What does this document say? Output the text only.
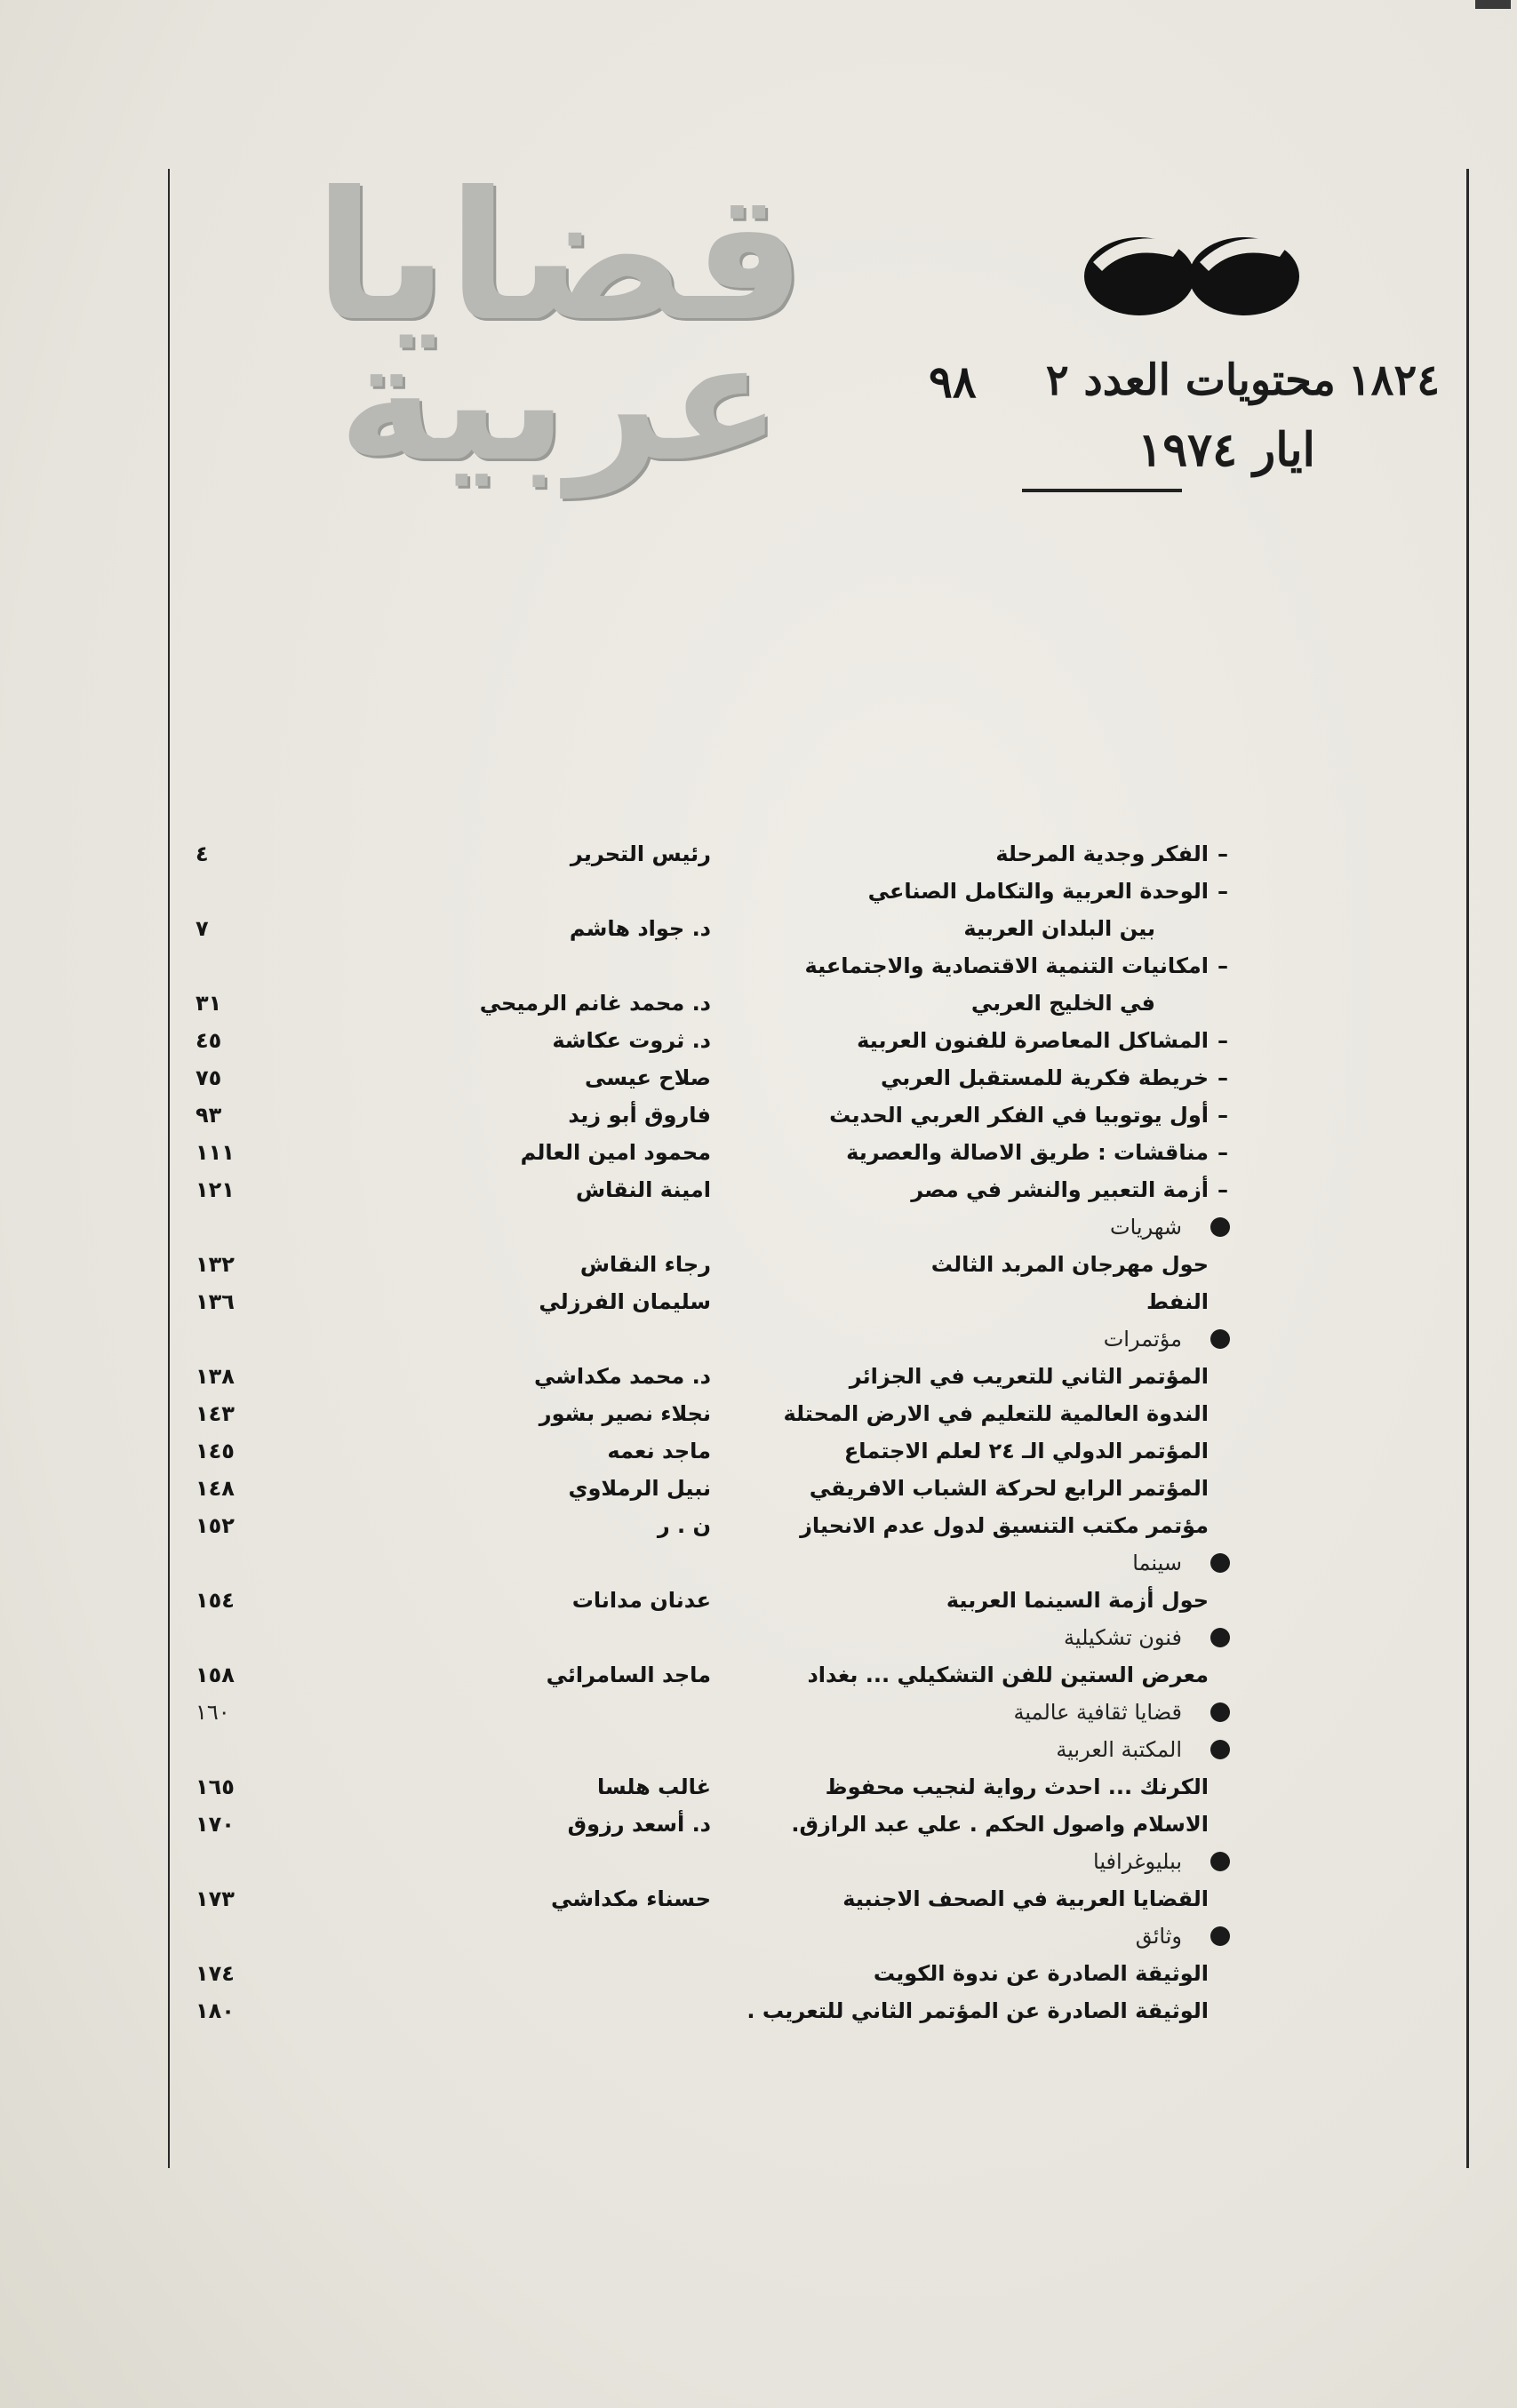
قضايا
عربية	٩٨	١٨٢٤محتويات العدد ٢
ايار ١٩٧٤
–
الفكر وجدية المرحلة
رئيس التحرير
٤
–
الوحدة العربية والتكامل الصناعي
بين البلدان العربية
د. جواد هاشم
٧
–
امكانيات التنمية الاقتصادية والاجتماعية
في الخليج العربي
د. محمد غانم الرميحي
٣١
–
المشاكل المعاصرة للفنون العربية
د. ثروت عكاشة
٤٥
–
خريطة فكرية للمستقبل العربي
صلاح عيسى
٧٥
–
أول يوتوبيا في الفكر العربي الحديث
فاروق أبو زيد
٩٣
–
مناقشات : طريق الاصالة والعصرية
محمود امين العالم
١١١
–
أزمة التعبير والنشر في مصر
امينة النقاش
١٢١
شهريات
حول مهرجان المربد الثالث
رجاء النقاش
١٣٢
النفط
سليمان الفرزلي
١٣٦
مؤتمرات
المؤتمر الثاني للتعريب في الجزائر
د. محمد مكداشي
١٣٨
الندوة العالمية للتعليم في الارض المحتلة
نجلاء نصير بشور
١٤٣
المؤتمر الدولي الـ ٢٤ لعلم الاجتماع
ماجد نعمه
١٤٥
المؤتمر الرابع لحركة الشباب الافريقي
نبيل الرملاوي
١٤٨
مؤتمر مكتب التنسيق لدول عدم الانحياز
ن . ر
١٥٢
سينما
حول أزمة السينما العربية
عدنان مدانات
١٥٤
فنون تشكيلية
معرض الستين للفن التشكيلي ... بغداد
ماجد السامرائي
١٥٨
قضايا ثقافية عالمية
١٦٠
المكتبة العربية
الكرنك ... احدث رواية لنجيب محفوظ
غالب هلسا
١٦٥
الاسلام واصول الحكم . علي عبد الرازق.
د. أسعد رزوق
١٧٠
ببليوغرافيا
القضايا العربية في الصحف الاجنبية
حسناء مكداشي
١٧٣
وثائق
الوثيقة الصادرة عن ندوة الكويت
١٧٤
الوثيقة الصادرة عن المؤتمر الثاني للتعريب .
١٨٠
